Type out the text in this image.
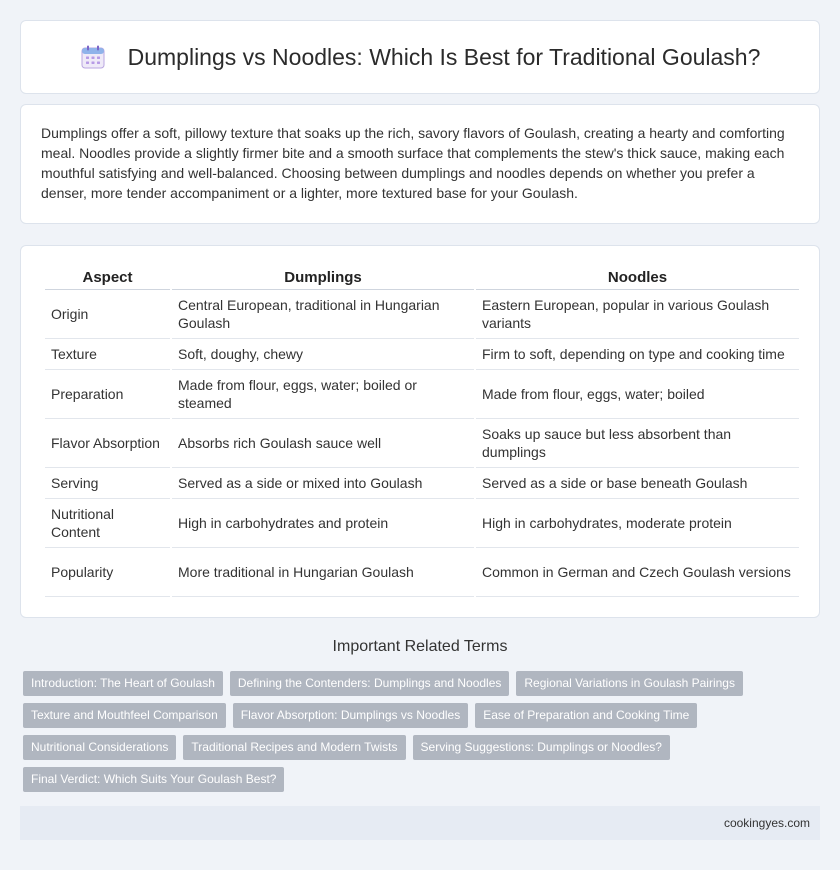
Dumplings vs Noodles: Which Is Best for Traditional Goulash?

Dumplings offer a soft, pillowy texture that soaks up the rich, savory flavors of Goulash, creating a hearty and comforting meal. Noodles provide a slightly firmer bite and a smooth surface that complements the stew's thick sauce, making each mouthful satisfying and well-balanced. Choosing between dumplings and noodles depends on whether you prefer a denser, more tender accompaniment or a lighter, more textured base for your Goulash.

Aspect	Dumplings	Noodles
Origin	Central European, traditional in Hungarian Goulash	Eastern European, popular in various Goulash variants
Texture	Soft, doughy, chewy	Firm to soft, depending on type and cooking time
Preparation	Made from flour, eggs, water; boiled or steamed	Made from flour, eggs, water; boiled
Flavor Absorption	Absorbs rich Goulash sauce well	Soaks up sauce but less absorbent than dumplings
Serving	Served as a side or mixed into Goulash	Served as a side or base beneath Goulash
Nutritional Content	High in carbohydrates and protein	High in carbohydrates, moderate protein
Popularity	More traditional in Hungarian Goulash	Common in German and Czech Goulash versions
Important Related Terms
Introduction: The Heart of Goulash	Defining the Contenders: Dumplings and Noodles	Regional Variations in Goulash Pairings
Texture and Mouthfeel Comparison	Flavor Absorption: Dumplings vs Noodles	Ease of Preparation and Cooking Time
Nutritional Considerations	Traditional Recipes and Modern Twists	Serving Suggestions: Dumplings or Noodles?
Final Verdict: Which Suits Your Goulash Best?
cookingyes.com
